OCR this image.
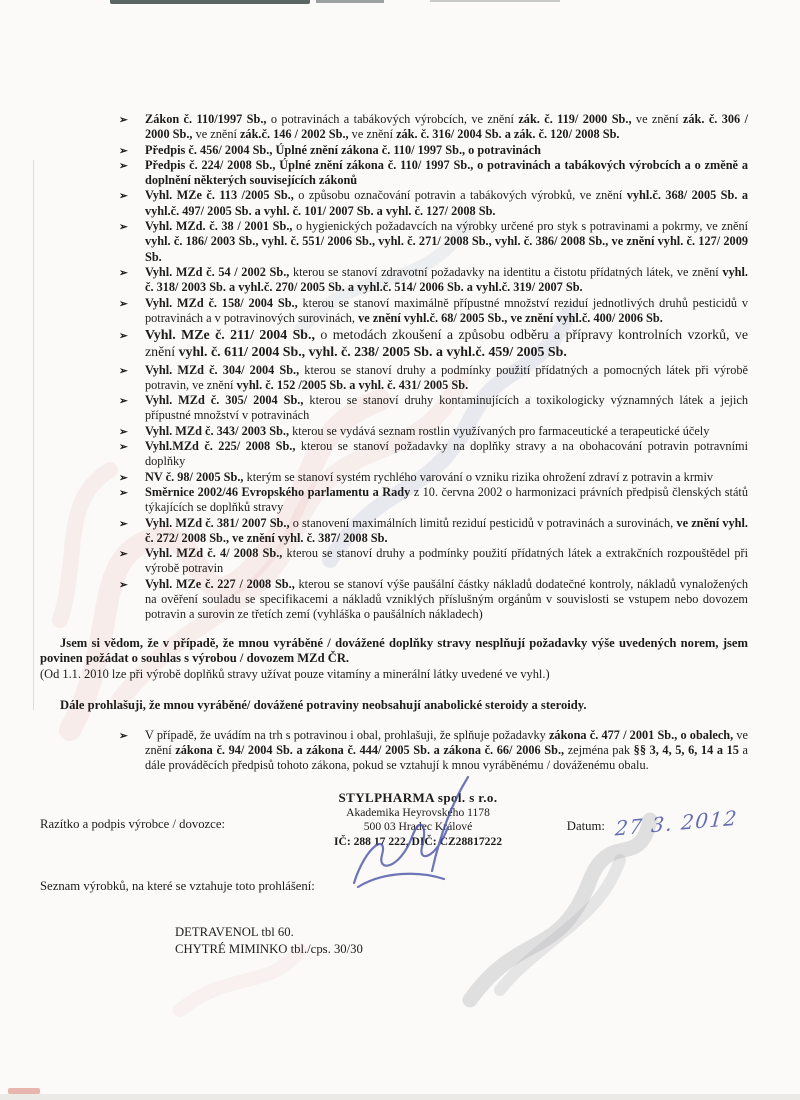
➢ Zákon č. 110/1997 Sb., o potravinách a tabákových výrobcích, ve znění zák. č. 119/ 2000 Sb., ve znění zák. č. 306 / 2000 Sb., ve znění zák.č. 146 / 2002 Sb., ve znění zák. č. 316/ 2004 Sb. a zák. č. 120/ 2008 Sb.
➢ Předpis č. 456/ 2004 Sb., Úplné znění zákona č. 110/ 1997 Sb., o potravinách
➢ Předpis č. 224/ 2008 Sb., Úplné znění zákona č. 110/ 1997 Sb., o potravinách a tabákových výrobcích a o změně a doplnění některých souvisejících zákonů
➢ Vyhl. MZe č. 113 /2005 Sb., o způsobu označování potravin a tabákových výrobků, ve znění vyhl.č. 368/ 2005 Sb. a vyhl.č. 497/ 2005 Sb. a vyhl. č. 101/ 2007 Sb. a vyhl. č. 127/ 2008 Sb.
➢ Vyhl. MZd. č. 38 / 2001 Sb., o hygienických požadavcích na výrobky určené pro styk s potravinami a pokrmy, ve znění vyhl. č. 186/ 2003 Sb., vyhl. č. 551/ 2006 Sb., vyhl. č. 271/ 2008 Sb., vyhl. č. 386/ 2008 Sb., ve znění vyhl. č. 127/ 2009 Sb.
➢ Vyhl. MZd č. 54 / 2002 Sb., kterou se stanoví zdravotní požadavky na identitu a čistotu přídatných látek, ve znění vyhl. č. 318/ 2003 Sb. a vyhl.č. 270/ 2005 Sb. a vyhl.č. 514/ 2006 Sb. a vyhl.č. 319/ 2007 Sb.
➢ Vyhl. MZd č. 158/ 2004 Sb., kterou se stanoví maximálně přípustné množství reziduí jednotlivých druhů pesticidů v potravinách a v potravinových surovinách, ve znění vyhl.č. 68/ 2005 Sb., ve znění vyhl.č. 400/ 2006 Sb.
➢ Vyhl. MZe č. 211/ 2004 Sb., o metodách zkoušení a způsobu odběru a přípravy kontrolních vzorků, ve znění vyhl. č. 611/ 2004 Sb., vyhl. č. 238/ 2005 Sb. a vyhl.č. 459/ 2005 Sb.
➢ Vyhl. MZd č. 304/ 2004 Sb., kterou se stanoví druhy a podmínky použití přídatných a pomocných látek při výrobě potravin, ve znění vyhl. č. 152 /2005 Sb. a vyhl. č. 431/ 2005 Sb.
➢ Vyhl. MZd č. 305/ 2004 Sb., kterou se stanoví druhy kontaminujících a toxikologicky významných látek a jejich přípustné množství v potravinách
➢ Vyhl. MZd č. 343/ 2003 Sb., kterou se vydává seznam rostlin využívaných pro farmaceutické a terapeutické účely
➢ Vyhl.MZd č. 225/ 2008 Sb., kterou se stanoví požadavky na doplňky stravy a na obohacování potravin potravními doplňky
➢ NV č. 98/ 2005 Sb., kterým se stanoví systém rychlého varování o vzniku rizika ohrožení zdraví z potravin a krmiv
➢ Směrnice 2002/46 Evropského parlamentu a Rady z 10. června 2002 o harmonizaci právních předpisů členských států týkajících se doplňků stravy
➢ Vyhl. MZd č. 381/ 2007 Sb., o stanovení maximálních limitů reziduí pesticidů v potravinách a surovinách, ve znění vyhl. č. 272/ 2008 Sb., ve znění vyhl. č. 387/ 2008 Sb.
➢ Vyhl. MZd č. 4/ 2008 Sb., kterou se stanoví druhy a podmínky použití přídatných látek a extrakčních rozpouštědel při výrobě potravin
➢ Vyhl. MZe č. 227 / 2008 Sb., kterou se stanoví výše paušální částky nákladů dodatečné kontroly, nákladů vynaložených na ověření souladu se specifikacemi a nákladů vzniklých příslušným orgánům v souvislosti se vstupem nebo dovozem potravin a surovin ze třetích zemí (vyhláška o paušálních nákladech)

Jsem si vědom, že v případě, že mnou vyráběné / dovážené doplňky stravy nesplňují požadavky výše uvedených norem, jsem povinen požádat o souhlas s výrobou / dovozem MZd ČR.

(Od 1.1. 2010 lze při výrobě doplňků stravy užívat pouze vitamíny a minerální látky uvedené ve vyhl.)

Dále prohlašuji, že mnou vyráběné/ dovážené potraviny neobsahují anabolické steroidy a steroidy.

➢ V případě, že uvádím na trh s potravinou i obal, prohlašuji, že splňuje požadavky zákona č. 477 / 2001 Sb., o obalech, ve znění zákona č. 94/ 2004 Sb. a zákona č. 444/ 2005 Sb. a zákona č. 66/ 2006 Sb., zejména pak §§ 3, 4, 5, 6, 14 a 15 a dále prováděcích předpisů tohoto zákona, pokud se vztahují k mnou vyráběnému / dováženému obalu.
Razítko a podpis výrobce / dovozce:
STYLPHARMA spol. s r.o.
Akademika Heyrovského 1178
500 03 Hradec Králové
IČ: 288 17 222, DIČ: CZ28817222
Datum: 27 3. 2012

Seznam výrobků, na které se vztahuje toto prohlášení:

DETRAVENOL tbl 60.
CHYTRÉ MIMINKO tbl./cps. 30/30
